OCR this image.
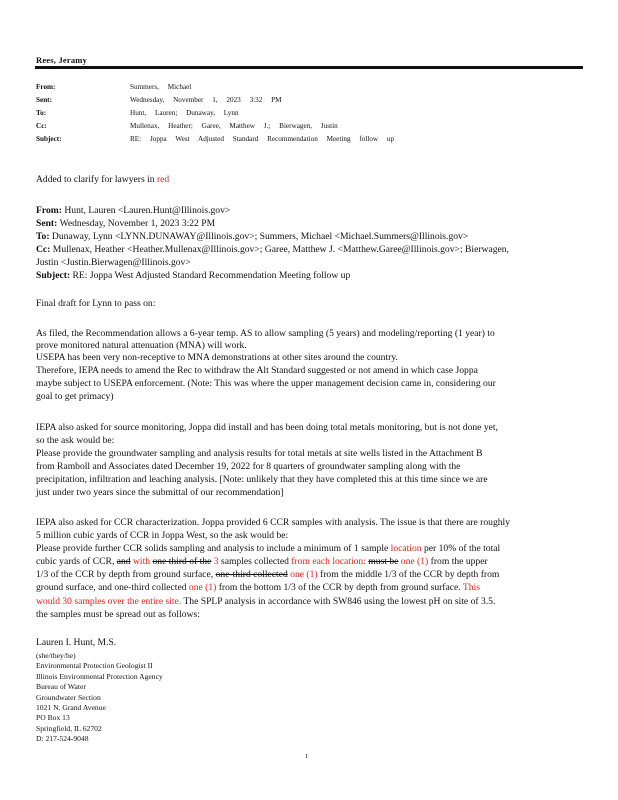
Rees, Jeramy
From:	Summers, Michael
Sent:	Wednesday, November 1, 2023 3:32 PM
To:	Hunt, Lauren; Dunaway, Lynn
Cc:	Mullenax, Heather; Garee, Matthew J.; Bierwagen, Justin
Subject:	RE: Joppa West Adjusted Standard Recommendation Meeting follow up
Added to clarify for lawyers in red
From: Hunt, Lauren <Lauren.Hunt@Illinois.gov>
Sent: Wednesday, November 1, 2023 3:22 PM
To: Dunaway, Lynn <LYNN.DUNAWAY@Illinois.gov>; Summers, Michael <Michael.Summers@Illinois.gov>
Cc: Mullenax, Heather <Heather.Mullenax@Illinois.gov>; Garee, Matthew J. <Matthew.Garee@Illinois.gov>; Bierwagen,
Justin <Justin.Bierwagen@Illinois.gov>
Subject: RE: Joppa West Adjusted Standard Recommendation Meeting follow up
Final draft for Lynn to pass on:
As filed, the Recommendation allows a 6-year temp. AS to allow sampling (5 years) and modeling/reporting (1 year) to
prove monitored natural attenuation (MNA) will work.
USEPA has been very non-receptive to MNA demonstrations at other sites around the country.
Therefore, IEPA needs to amend the Rec to withdraw the Alt Standard suggested or not amend in which case Joppa
maybe subject to USEPA enforcement. (Note: This was where the upper management decision came in, considering our
goal to get primacy)
IEPA also asked for source monitoring, Joppa did install and has been doing total metals monitoring, but is not done yet,
so the ask would be:
Please provide the groundwater sampling and analysis results for total metals at site wells listed in the Attachment B
from Ramboll and Associates dated December 19, 2022 for 8 quarters of groundwater sampling along with the
precipitation, infiltration and leaching analysis. [Note: unlikely that they have completed this at this time since we are
just under two years since the submittal of our recommendation]
IEPA also asked for CCR characterization. Joppa provided 6 CCR samples with analysis. The issue is that there are roughly
5 million cubic yards of CCR in Joppa West, so the ask would be:
Please provide further CCR solids sampling and analysis to include a minimum of 1 sample location per 10% of the total
cubic yards of CCR, and with one third of the 3 samples collected from each location: must be one (1) from the upper
1/3 of the CCR by depth from ground surface, one-third collected one (1) from the middle 1/3 of the CCR by depth from
ground surface, and one-third collected one (1) from the bottom 1/3 of the CCR by depth from ground surface. This
would 30 samples over the entire site. The SPLP analysis in accordance with SW846 using the lowest pH on site of 3.5.
the samples must be spread out as follows:
Lauren I. Hunt, M.S.
(she/they/he)
Environmental Protection Geologist II
Illinois Environmental Protection Agency
Bureau of Water
Groundwater Section
1021 N. Grand Avenue
PO Box 13
Springfield, IL 62702
D: 217-524-9048
1
